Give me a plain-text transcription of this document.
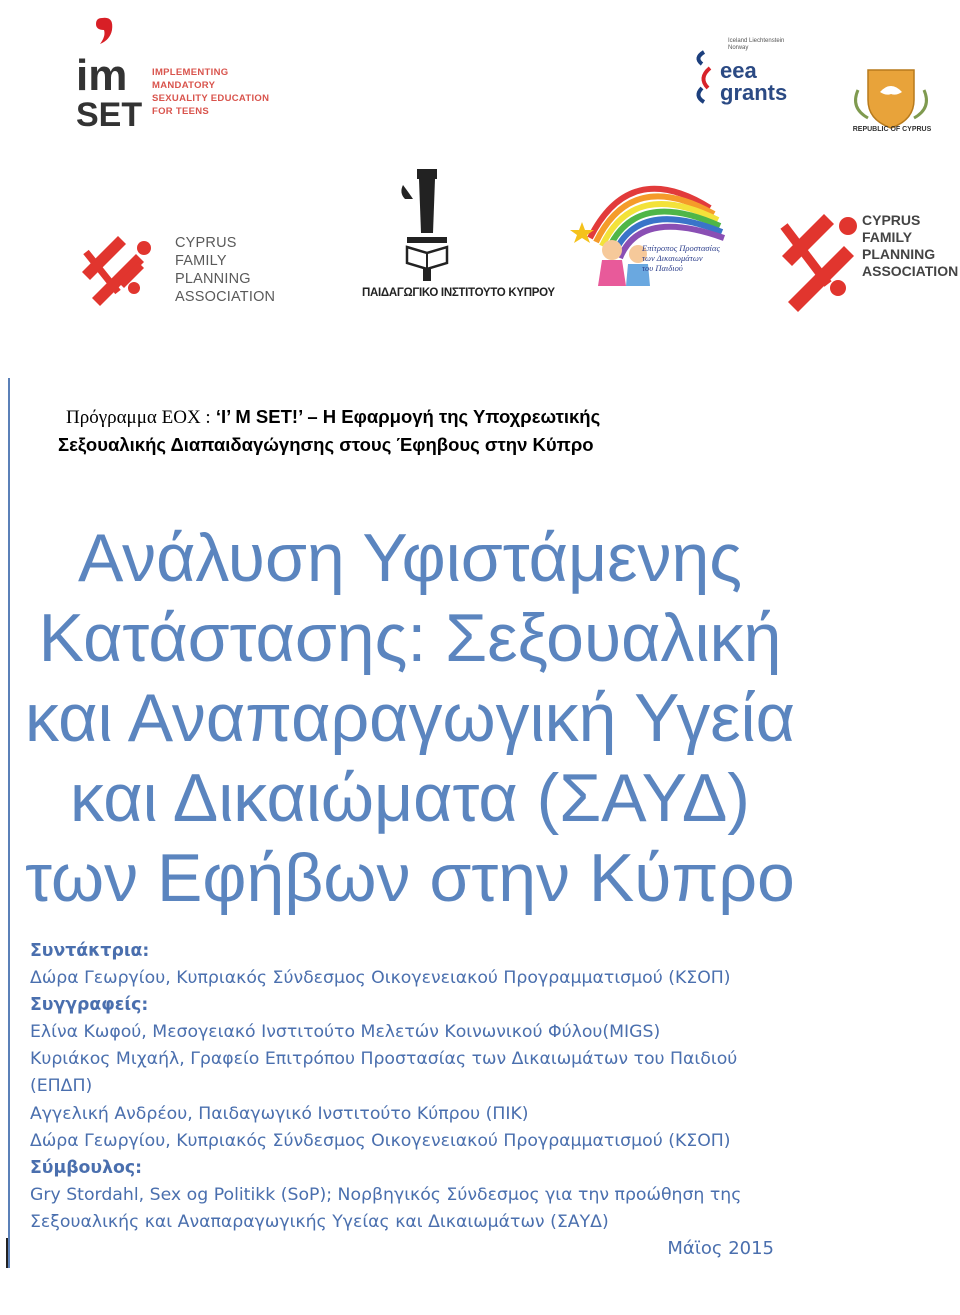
im
SET
IMPLEMENTING
MANDATORY
SEXUALITY EDUCATION
FOR TEENS
Iceland Liechtenstein Norway
eea
grants
REPUBLIC OF CYPRUS
CYPRUS
FAMILY
PLANNING
ASSOCIATION	ΠΑΙΔΑΓΩΓΙΚΟ ΙΝΣΤΙΤΟΥΤΟ ΚΥΠΡΟΥ
Επίτροπος Προστασίας
των Δικαιωμάτων
του Παιδιού
CYPRUS
FAMILY
PLANNING
ASSOCIATION
Πρόγραμμα ΕΟΧ : ‘I’ M SET!’ – Η Εφαρμογή της Υποχρεωτικής
Σεξουαλικής Διαπαιδαγώγησης στους Έφηβους στην Κύπρο
Ανάλυση Υφιστάμενης
Κατάστασης: Σεξουαλική
και Αναπαραγωγική Υγεία
και Δικαιώματα (ΣΑΥΔ)
των Εφήβων στην Κύπρο
Συντάκτρια:
Δώρα Γεωργίου, Κυπριακός Σύνδεσμος Οικογενειακού Προγραμματισμού (ΚΣΟΠ)
Συγγραφείς:
Ελίνα Κωφού, Μεσογειακό Ινστιτούτο Μελετών Κοινωνικού Φύλου(MIGS)
Κυριάκος Μιχαήλ, Γραφείο Επιτρόπου Προστασίας των Δικαιωμάτων του Παιδιού
(ΕΠΔΠ)
Αγγελική Ανδρέου, Παιδαγωγικό Ινστιτούτο Κύπρου (ΠΙΚ)
Δώρα Γεωργίου, Κυπριακός Σύνδεσμος Οικογενειακού Προγραμματισμού (ΚΣΟΠ)
Σύμβουλος:
Gry Stordahl, Sex og Politikk (SoP); Νορβηγικός Σύνδεσμος για την προώθηση της
Σεξουαλικής και Αναπαραγωγικής Υγείας και Δικαιωμάτων (ΣΑΥΔ)
Μάϊος 2015
